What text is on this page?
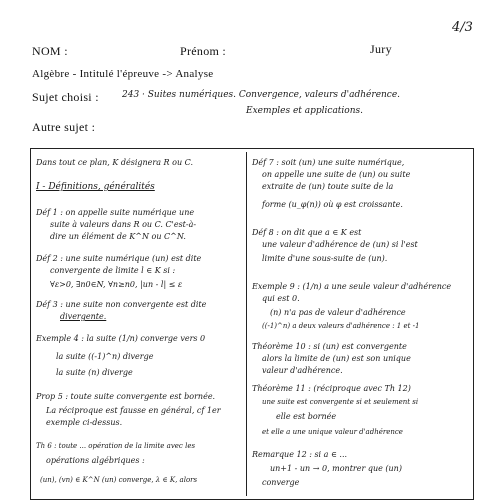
4/3
NOM :	Prénom :	Jury
Algèbre - Intitulé l'épreuve -> Analyse
Sujet choisi :	243 · Suites numériques. Convergence, valeurs d'adhérence.
Exemples et applications.
Autre sujet :
Dans tout ce plan, K désignera R ou C.
I - Définitions, généralités
Déf 1 : on appelle suite numérique une
suite à valeurs dans R ou C. C'est-à-
dire un élément de K^N ou C^N.
Déf 2 : une suite numérique (un) est dite
convergente de limite l ∈ K si :
∀ε>0, ∃n0∈N, ∀n≥n0, |un - l| ≤ ε
Déf 3 : une suite non convergente est dite
divergente.
Exemple 4 : la suite (1/n) converge vers 0
la suite ((-1)^n) diverge
la suite (n) diverge
Prop 5 : toute suite convergente est bornée.
La réciproque est fausse en général, cf 1er
exemple ci-dessus.
Th 6 : toute ... opération de la limite avec les
opérations algébriques :
(un), (vn) ∈ K^N (un) converge, λ ∈ K, alors
Déf 7 : soit (un) une suite numérique,
on appelle une suite de (un) ou suite
extraite de (un) toute suite de la
forme (u_φ(n)) où φ est croissante.
Déf 8 : on dit que a ∈ K est
une valeur d'adhérence de (un) si l'est
limite d'une sous-suite de (un).
Exemple 9 : (1/n) a une seule valeur d'adhérence
qui est 0.
(n) n'a pas de valeur d'adhérence
((-1)^n) a deux valeurs d'adhérence : 1 et -1
Théorème 10 : si (un) est convergente
alors la limite de (un) est son unique
valeur d'adhérence.
Théorème 11 : (réciproque avec Th 12)
une suite est convergente si et seulement si
elle est bornée
et elle a une unique valeur d'adhérence
Remarque 12 : si a ∈ ...
un+1 - un → 0, montrer que (un)
converge
